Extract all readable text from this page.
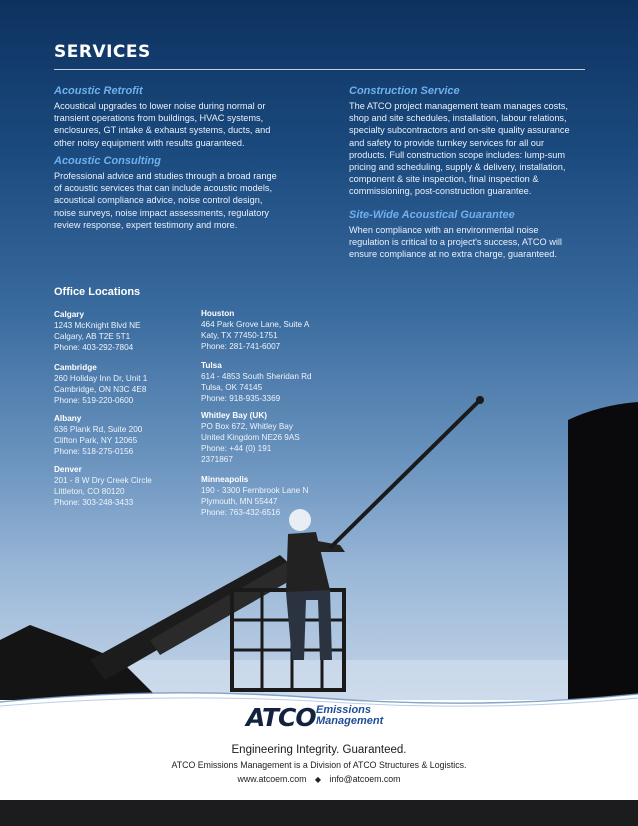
SERVICES
Acoustic Retrofit

Acoustical upgrades to lower noise during normal or transient operations from buildings, HVAC systems, enclosures, GT intake & exhaust systems, ducts, and other noisy equipment with results guaranteed.

Acoustic Consulting

Professional advice and studies through a broad range of acoustic services that can include acoustic models, acoustical compliance advice, noise control design, noise surveys, noise impact assessments, regulatory review response, expert testimony and more.

Construction Service

The ATCO project management team manages costs, shop and site schedules, installation, labour relations, specialty subcontractors and on-site quality assurance and safety to provide turnkey services for all our products. Full construction scope includes: lump-sum pricing and scheduling, supply & delivery, installation, component & site inspection, final inspection & commissioning, post-construction guarantee.

Site-Wide Acoustical Guarantee

When compliance with an environmental noise regulation is critical to a project's success, ATCO will ensure compliance at no extra charge, guaranteed.

Office Locations
Calgary
1243 McKnight Blvd NE
Calgary, AB T2E 5T1
Phone: 403-292-7804
Cambridge
260 Holiday Inn Dr, Unit 1
Cambridge, ON N3C 4E8
Phone: 519-220-0600
Albany
636 Plank Rd, Suite 200
Clifton Park, NY 12065
Phone: 518-275-0156
Denver
201 - 8 W Dry Creek Circle
Littleton, CO 80120
Phone: 303-248-3433
Houston
464 Park Grove Lane, Suite A
Katy, TX 77450-1751
Phone: 281-741-6007
Tulsa
614 - 4853 South Sheridan Rd
Tulsa, OK 74145
Phone: 918-935-3369
Whitley Bay (UK)
PO Box 672, Whitley Bay
United Kingdom NE26 9AS
Phone: +44 (0) 191
2371867
Minneapolis
190 - 3300 Fernbrook Lane N
Plymouth, MN 55447
Phone: 763-432-6516
ATCO Emissions
Management
Engineering Integrity. Guaranteed.
ATCO Emissions Management is a Division of ATCO Structures & Logistics.
www.atcoem.com ◆ info@atcoem.com
